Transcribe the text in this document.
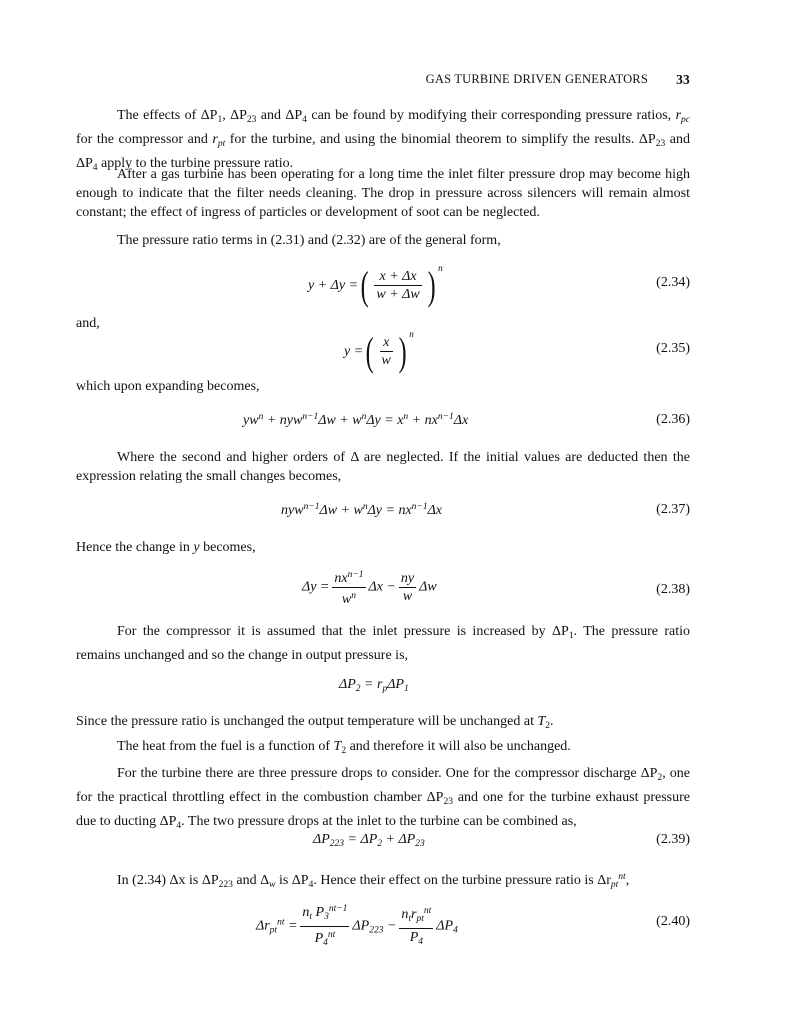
GAS TURBINE DRIVEN GENERATORS 33

The effects of $\Delta P_1$, $\Delta P_{23}$ and $\Delta P_4$ can be found by modifying their corresponding pressure ratios, $r_{pc}$ for the compressor and $r_{pt}$ for the turbine, and using the binomial theorem to simplify the results. $\Delta P_{23}$ and $\Delta P_4$ apply to the turbine pressure ratio.

After a gas turbine has been operating for a long time the inlet filter pressure drop may become high enough to indicate that the filter needs cleaning. The drop in pressure across silencers will remain almost constant; the effect of ingress of particles or development of soot can be neglected.

The pressure ratio terms in (2.31) and (2.32) are of the general form,

y + Δy =( $\frac{x + \Delta x}{w + \Delta w}$ ) $^n$
(2.34)

and,

y =( $\frac{x}{w}$ ) $^n$
(2.35)

which upon expanding becomes,

$yw^n + nyw^{n-1}\Delta w + w^n\Delta y = x^n + nx^{n-1}\Delta x$	(2.36)

Where the second and higher orders of Δ are neglected. If the initial values are deducted then the expression relating the small changes becomes,

$nyw^{n-1}\Delta w + w^n\Delta y = nx^{n-1}\Delta x$	(2.37)

Hence the change in y becomes,

$\Delta y = \frac{nx^{n-1}}{w^n}$ $\Delta x - \frac{ny}{w}$ Δw	(2.38)

For the compressor it is assumed that the inlet pressure is increased by $\Delta P_1$. The pressure ratio remains unchanged and so the change in output pressure is,

$\Delta P_2 = r_p\Delta P_1$

Since the pressure ratio is unchanged the output temperature will be unchanged at $T_2$.

The heat from the fuel is a function of $T_2$ and therefore it will also be unchanged.

For the turbine there are three pressure drops to consider. One for the compressor discharge $\Delta P_2$, one for the practical throttling effect in the combustion chamber $\Delta P_{23}$ and one for the turbine exhaust pressure due to ducting $\Delta P_4$. The two pressure drops at the inlet to the turbine can be combined as,

$\Delta P_{223} = \Delta P_2 + \Delta P_{23}$	(2.39)

In (2.34) Δx is $\Delta P_{223}$ and $\Delta_w$ is $\Delta P_4$. Hence their effect on the turbine pressure ratio is $\Delta r_{pt}^{nt}$,

$\Delta r_{pt}^{nt} = \frac{n_t P_3^{nt-1}}{P_4^{nt}} \Delta P_{223} - \frac{n_tr_{pt}^{nt}}{P_4} \Delta P_4$
(2.40)
